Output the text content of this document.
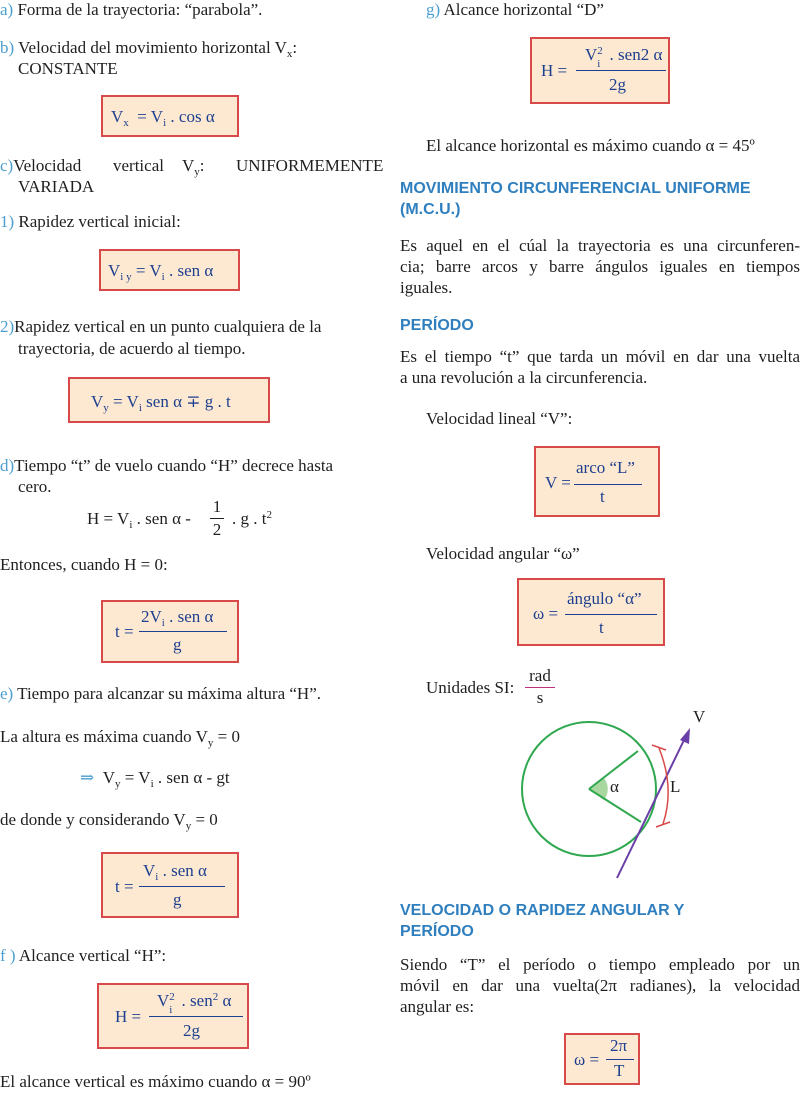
a) Forma de la trayectoria: “parabola”.
b) Velocidad del movimiento horizontal $V_x$:
CONSTANTE
$V_x = V_i$ . cos α
c)Velocidad vertical $V_y$: UNIFORMEMENTE
VARIADA
1) Rapidez vertical inicial:
$V_{i y} = V_i$ . sen α
2)Rapidez vertical en un punto cualquiera de la
trayectoria, de acuerdo al tiempo.
$V_y = V_i$ sen α ∓ g . t
d)Tiempo “t” de vuelo cuando “H” decrece hasta
cero.
$H = V_i$ . sen α -
1
2
. g . $t^2$
Entonces, cuando H = 0:
t =
$2V_i$ . sen α
g
e) Tiempo para alcanzar su máxima altura “H”.
La altura es máxima cuando $V_y = 0$
⇒ $V_y = V_i$ . sen α - gt
de donde y considerando $V_y = 0$
t =
$V_i$ . sen α
g
f ) Alcance vertical “H”:
H =
V 2
i . sen$^2$ α
2g
El alcance vertical es máximo cuando α = 90º
g) Alcance horizontal “D”
H =
V 2
i . sen2 α
2g
El alcance horizontal es máximo cuando α = 45º
MOVIMIENTO CIRCUNFERENCIAL UNIFORME
(M.C.U.)
Es aquel en el cúal la trayectoria es una circunferen-
cia; barre arcos y barre ángulos iguales en tiempos
iguales.
PERÍODO
Es el tiempo “t” que tarda un móvil en dar una vuelta
a una revolución a la circunferencia.
Velocidad lineal “V”:
V =
arco “L”
t
Velocidad angular “ω”
ω =
ángulo “α”
t
Unidades SI:
rad
s
V
α	L
VELOCIDAD O RAPIDEZ ANGULAR Y
PERÍODO
Siendo “T” el período o tiempo empleado por un
móvil en dar una vuelta(2π radianes), la velocidad
angular es:
ω =
2π
T
